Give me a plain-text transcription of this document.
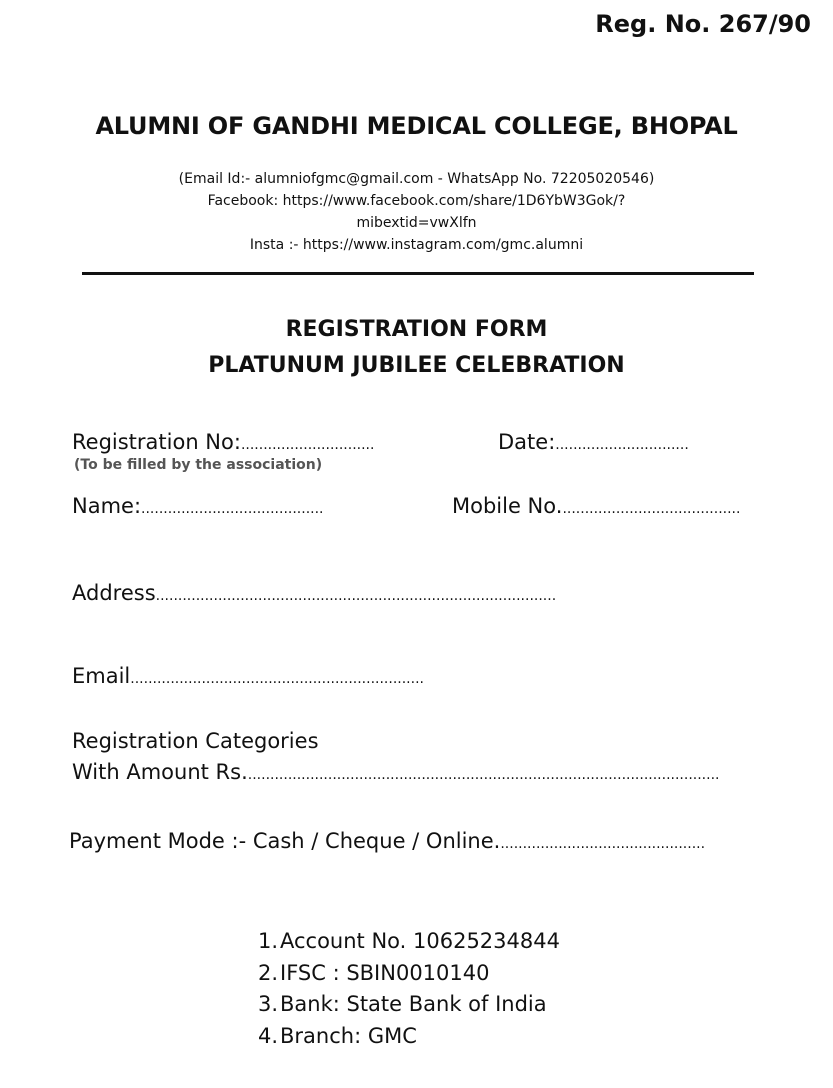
Reg. No. 267/90
ALUMNI OF GANDHI MEDICAL COLLEGE, BHOPAL
(Email Id:- alumniofgmc@gmail.com - WhatsApp No. 72205020546)
Facebook: https://www.facebook.com/share/1D6YbW3Gok/?
mibextid=vwXlfn
Insta :- https://www.instagram.com/gmc.alumni
REGISTRATION FORM
PLATUNUM JUBILEE CELEBRATION
Registration No:..............................
(To be filled by the association)
Date:..............................
Name:.........................................	Mobile No.........................................
Address..........................................................................................
Email..................................................................
Registration Categories
With Amount Rs...........................................................................................................
Payment Mode :- Cash / Cheque / Online...............................................
1. Account No. 10625234844
2. IFSC : SBIN0010140
3. Bank: State Bank of India
4. Branch: GMC
